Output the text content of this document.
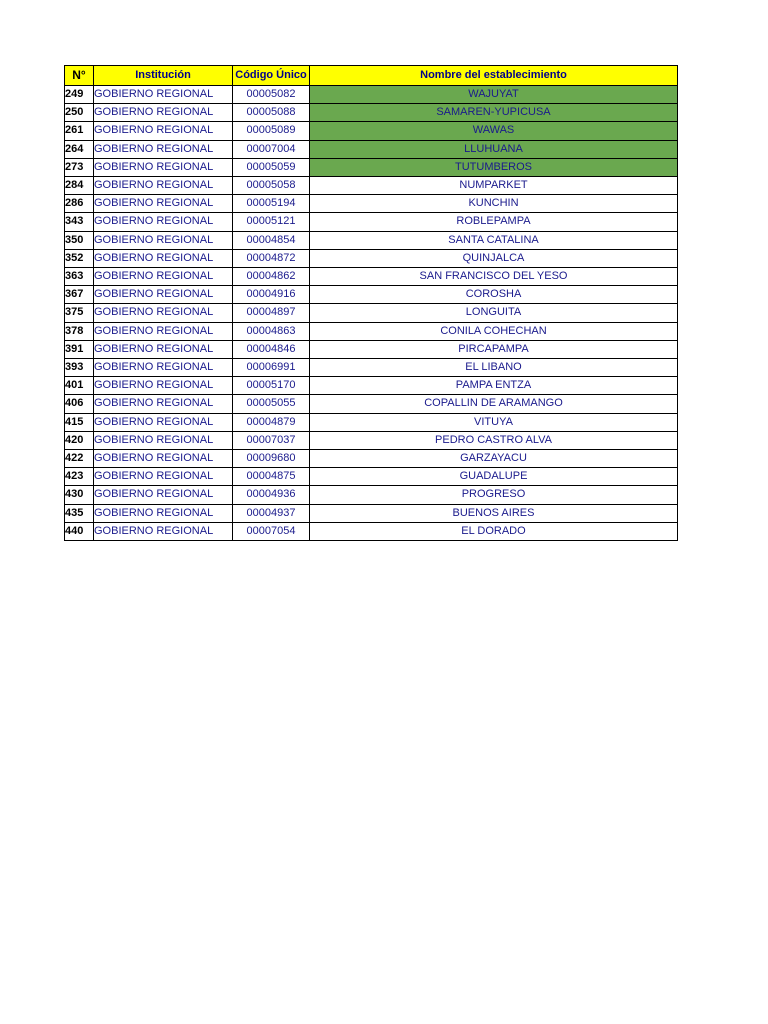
N°	Institución	Código Único	Nombre del establecimiento
249	GOBIERNO REGIONAL	00005082	WAJUYAT
250	GOBIERNO REGIONAL	00005088	SAMAREN-YUPICUSA
261	GOBIERNO REGIONAL	00005089	WAWAS
264	GOBIERNO REGIONAL	00007004	LLUHUANA
273	GOBIERNO REGIONAL	00005059	TUTUMBEROS
284	GOBIERNO REGIONAL	00005058	NUMPARKET
286	GOBIERNO REGIONAL	00005194	KUNCHIN
343	GOBIERNO REGIONAL	00005121	ROBLEPAMPA
350	GOBIERNO REGIONAL	00004854	SANTA CATALINA
352	GOBIERNO REGIONAL	00004872	QUINJALCA
363	GOBIERNO REGIONAL	00004862	SAN FRANCISCO DEL YESO
367	GOBIERNO REGIONAL	00004916	COROSHA
375	GOBIERNO REGIONAL	00004897	LONGUITA
378	GOBIERNO REGIONAL	00004863	CONILA COHECHAN
391	GOBIERNO REGIONAL	00004846	PIRCAPAMPA
393	GOBIERNO REGIONAL	00006991	EL LIBANO
401	GOBIERNO REGIONAL	00005170	PAMPA ENTZA
406	GOBIERNO REGIONAL	00005055	COPALLIN DE ARAMANGO
415	GOBIERNO REGIONAL	00004879	VITUYA
420	GOBIERNO REGIONAL	00007037	PEDRO CASTRO ALVA
422	GOBIERNO REGIONAL	00009680	GARZAYACU
423	GOBIERNO REGIONAL	00004875	GUADALUPE
430	GOBIERNO REGIONAL	00004936	PROGRESO
435	GOBIERNO REGIONAL	00004937	BUENOS AIRES
440	GOBIERNO REGIONAL	00007054	EL DORADO
